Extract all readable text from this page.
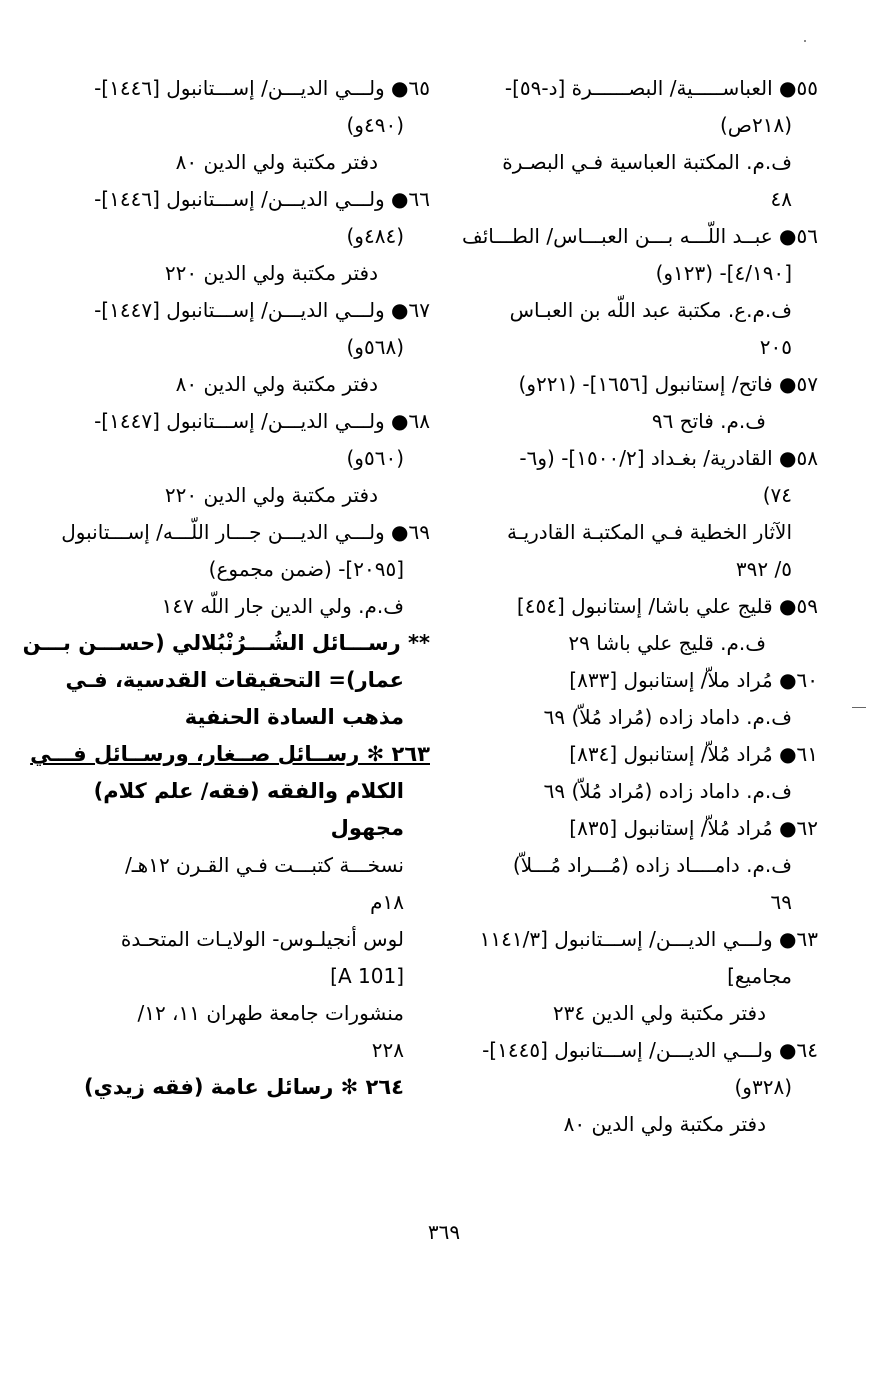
٥٥● العباســـــية/ البصــــــرة [د-٥٩]-
(٢١٨ص)
ف.م. المكتبة العباسية فـي البصـرة
٤٨
٥٦● عبــد اللّـــه بـــن العبـــاس/ الطـــائف
[٤/١٩٠]- (١٢٣و)
ف.م.ع. مكتبة عبد اللّه بن العبـاس
٢٠٥
٥٧● فاتح/ إستانبول [١٦٥٦]- (٢٢١و)
ف.م. فاتح ٩٦
٥٨● القادرية/ بغـداد [١٥٠٠/٢]- (و٦-
٧٤)
الآثار الخطية فـي المكتبـة القادريـة
٥/ ٣٩٢
٥٩● قليج علي باشا/ إستانبول [٤٥٤]
ف.م. قليج علي باشا ٢٩
٦٠● مُراد ملاّ/ إستانبول [٨٣٣]
ف.م. داماد زاده (مُراد مُلاّ) ٦٩
٦١● مُراد مُلاّ/ إستانبول [٨٣٤]
ف.م. داماد زاده (مُراد مُلاّ) ٦٩
٦٢● مُراد مُلاّ/ إستانبول [٨٣٥]
ف.م. دامــــاد زاده (مُـــراد مُـــلاّ)
٦٩
٦٣● ولـــي الديـــن/ إســـتانبول [١١٤١/٣
مجاميع]
دفتر مكتبة ولي الدين ٢٣٤
٦٤● ولـــي الديـــن/ إســـتانبول [١٤٤٥]-
(٣٢٨و)
دفتر مكتبة ولي الدين ٨٠
٦٥● ولـــي الديـــن/ إســـتانبول [١٤٤٦]-
(٤٩٠و)
دفتر مكتبة ولي الدين ٨٠
٦٦● ولـــي الديـــن/ إســـتانبول [١٤٤٦]-
(٤٨٤و)
دفتر مكتبة ولي الدين ٢٢٠
٦٧● ولـــي الديـــن/ إســـتانبول [١٤٤٧]-
(٥٦٨و)
دفتر مكتبة ولي الدين ٨٠
٦٨● ولـــي الديـــن/ إســـتانبول [١٤٤٧]-
(٥٦٠و)
دفتر مكتبة ولي الدين ٢٢٠
٦٩● ولـــي الديـــن جـــار اللّـــه/ إســـتانبول
[٢٠٩٥]- (ضمن مجموع)
ف.م. ولي الدين جار اللّه ١٤٧
** رســـائل الشُـــرُنْبُلالي (حســـن بـــن
عمار)= التحقيقات القدسية، فـي
مذهب السادة الحنفية
٢٦٣ ✻ رســائل صــغار، ورســائل فـــي
الكلام والفقه (فقه/ علم كلام)
مجهول
نسخـــة كتبـــت فـي القـرن ١٢هـ/
١٨م
لوس أنجيلـوس- الولايـات المتحـدة
[A 101]
منشورات جامعة طهران ١١، ١٢/
٢٢٨
٢٦٤ ✻ رسائل عامة (فقه زيدي)
٣٦٩
